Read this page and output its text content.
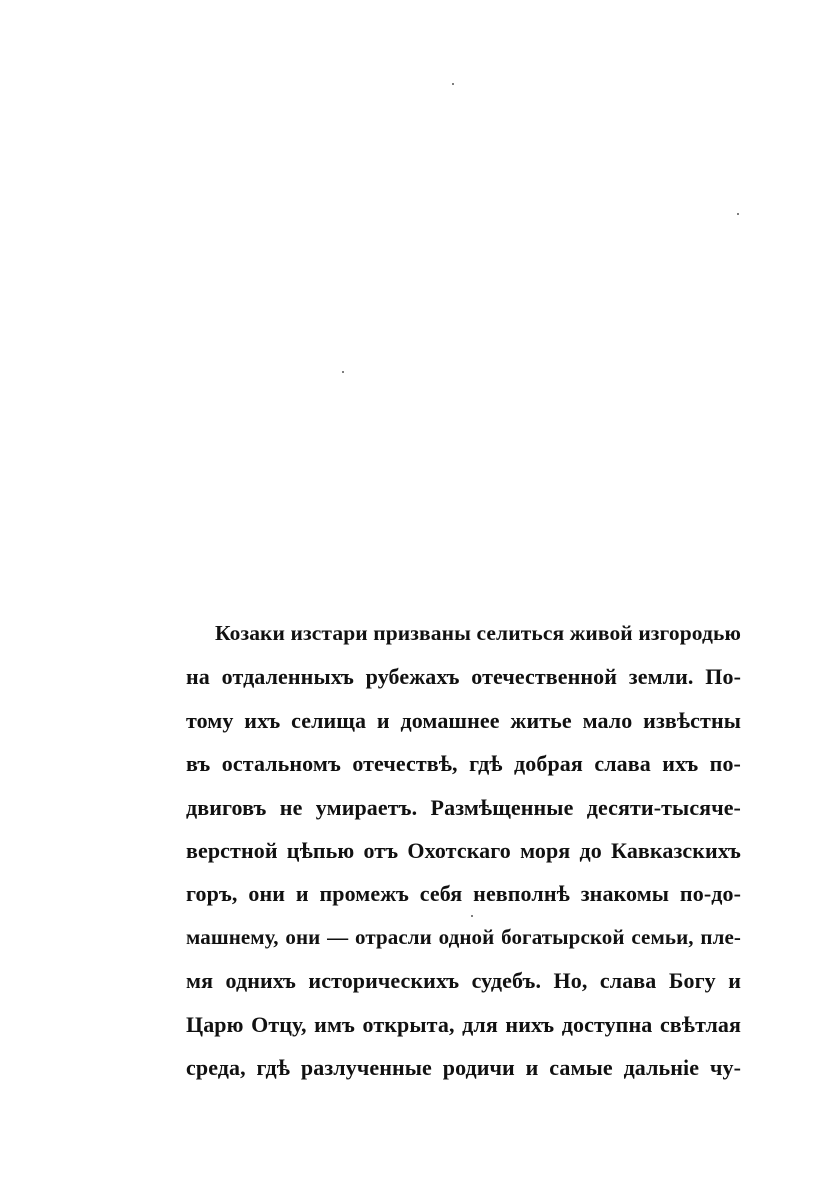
Козаки изстари призваны селиться живой изгородью
на отдаленныхъ рубежахъ отечественной земли. По-
тому ихъ селища и домашнее житье мало извѣстны
въ остальномъ отечествѣ, гдѣ добрая слава ихъ по-
двиговъ не умираетъ. Размѣщенные десяти-тысяче-
верстной цѣпью отъ Охотскаго моря до Кавказскихъ
горъ, они и промежъ себя невполнѣ знакомы по-до-
машнему, они — отрасли одной богатырской семьи, пле-
мя однихъ историческихъ судебъ. Но, слава Богу и
Царю Отцу, имъ открыта, для нихъ доступна свѣтлая
среда, гдѣ разлученные родичи и самые дальніе чу-
